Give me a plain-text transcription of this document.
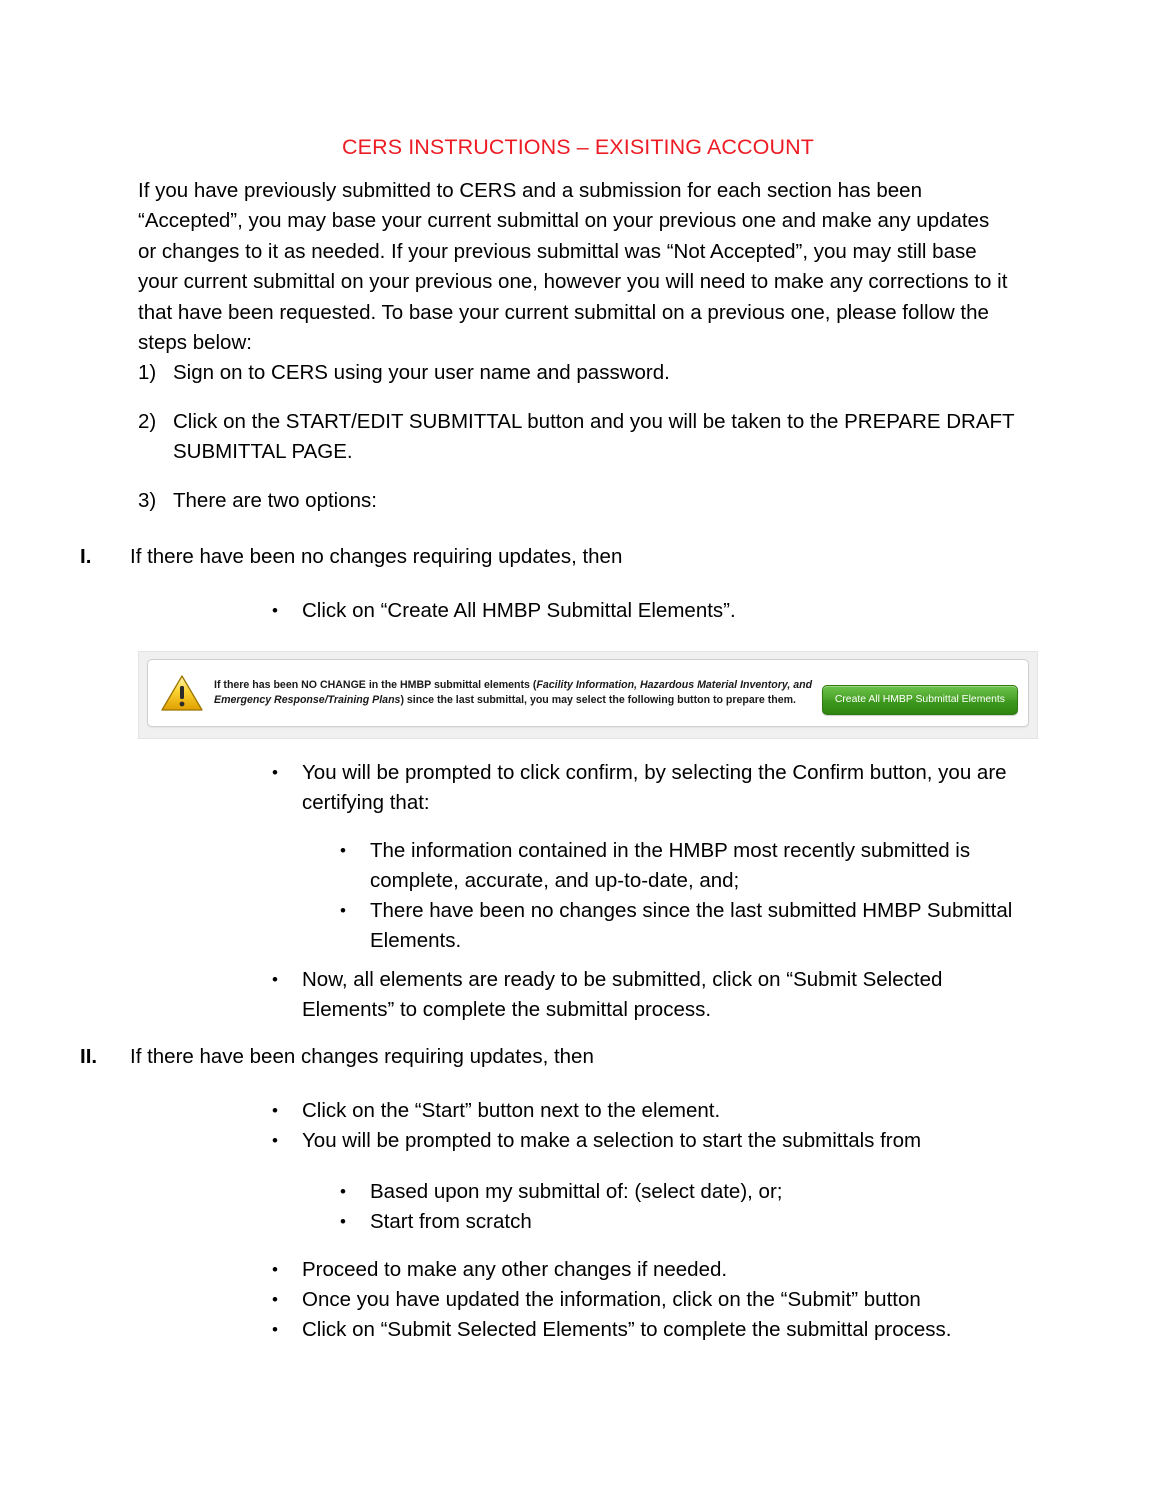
CERS INSTRUCTIONS – EXISITING ACCOUNT
If you have previously submitted to CERS and a submission for each section has been “Accepted”, you may base your current submittal on your previous one and make any updates or changes to it as needed. If your previous submittal was “Not Accepted”, you may still base your current submittal on your previous one, however you will need to make any corrections to it that have been requested. To base your current submittal on a previous one, please follow the steps below:
1) Sign on to CERS using your user name and password.
2) Click on the START/EDIT SUBMITTAL button and you will be taken to the PREPARE DRAFT SUBMITTAL PAGE.
3) There are two options:
I.	If there have been no changes requiring updates, then
•	Click on “Create All HMBP Submittal Elements”.
If there has been NO CHANGE in the HMBP submittal elements (Facility Information, Hazardous Material Inventory, and Emergency Response/Training Plans) since the last submittal, you may select the following button to prepare them.	Create All HMBP Submittal Elements
•	You will be prompted to click confirm, by selecting the Confirm button, you are certifying that:
•	The information contained in the HMBP most recently submitted is complete, accurate, and up-to-date, and;
•	There have been no changes since the last submitted HMBP Submittal Elements.
•	Now, all elements are ready to be submitted, click on “Submit Selected Elements” to complete the submittal process.
II.	If there have been changes requiring updates, then
•	Click on the “Start” button next to the element.
•	You will be prompted to make a selection to start the submittals from
•	Based upon my submittal of: (select date), or;
•	Start from scratch
•	Proceed to make any other changes if needed.
•	Once you have updated the information, click on the “Submit” button
•	Click on “Submit Selected Elements” to complete the submittal process.
